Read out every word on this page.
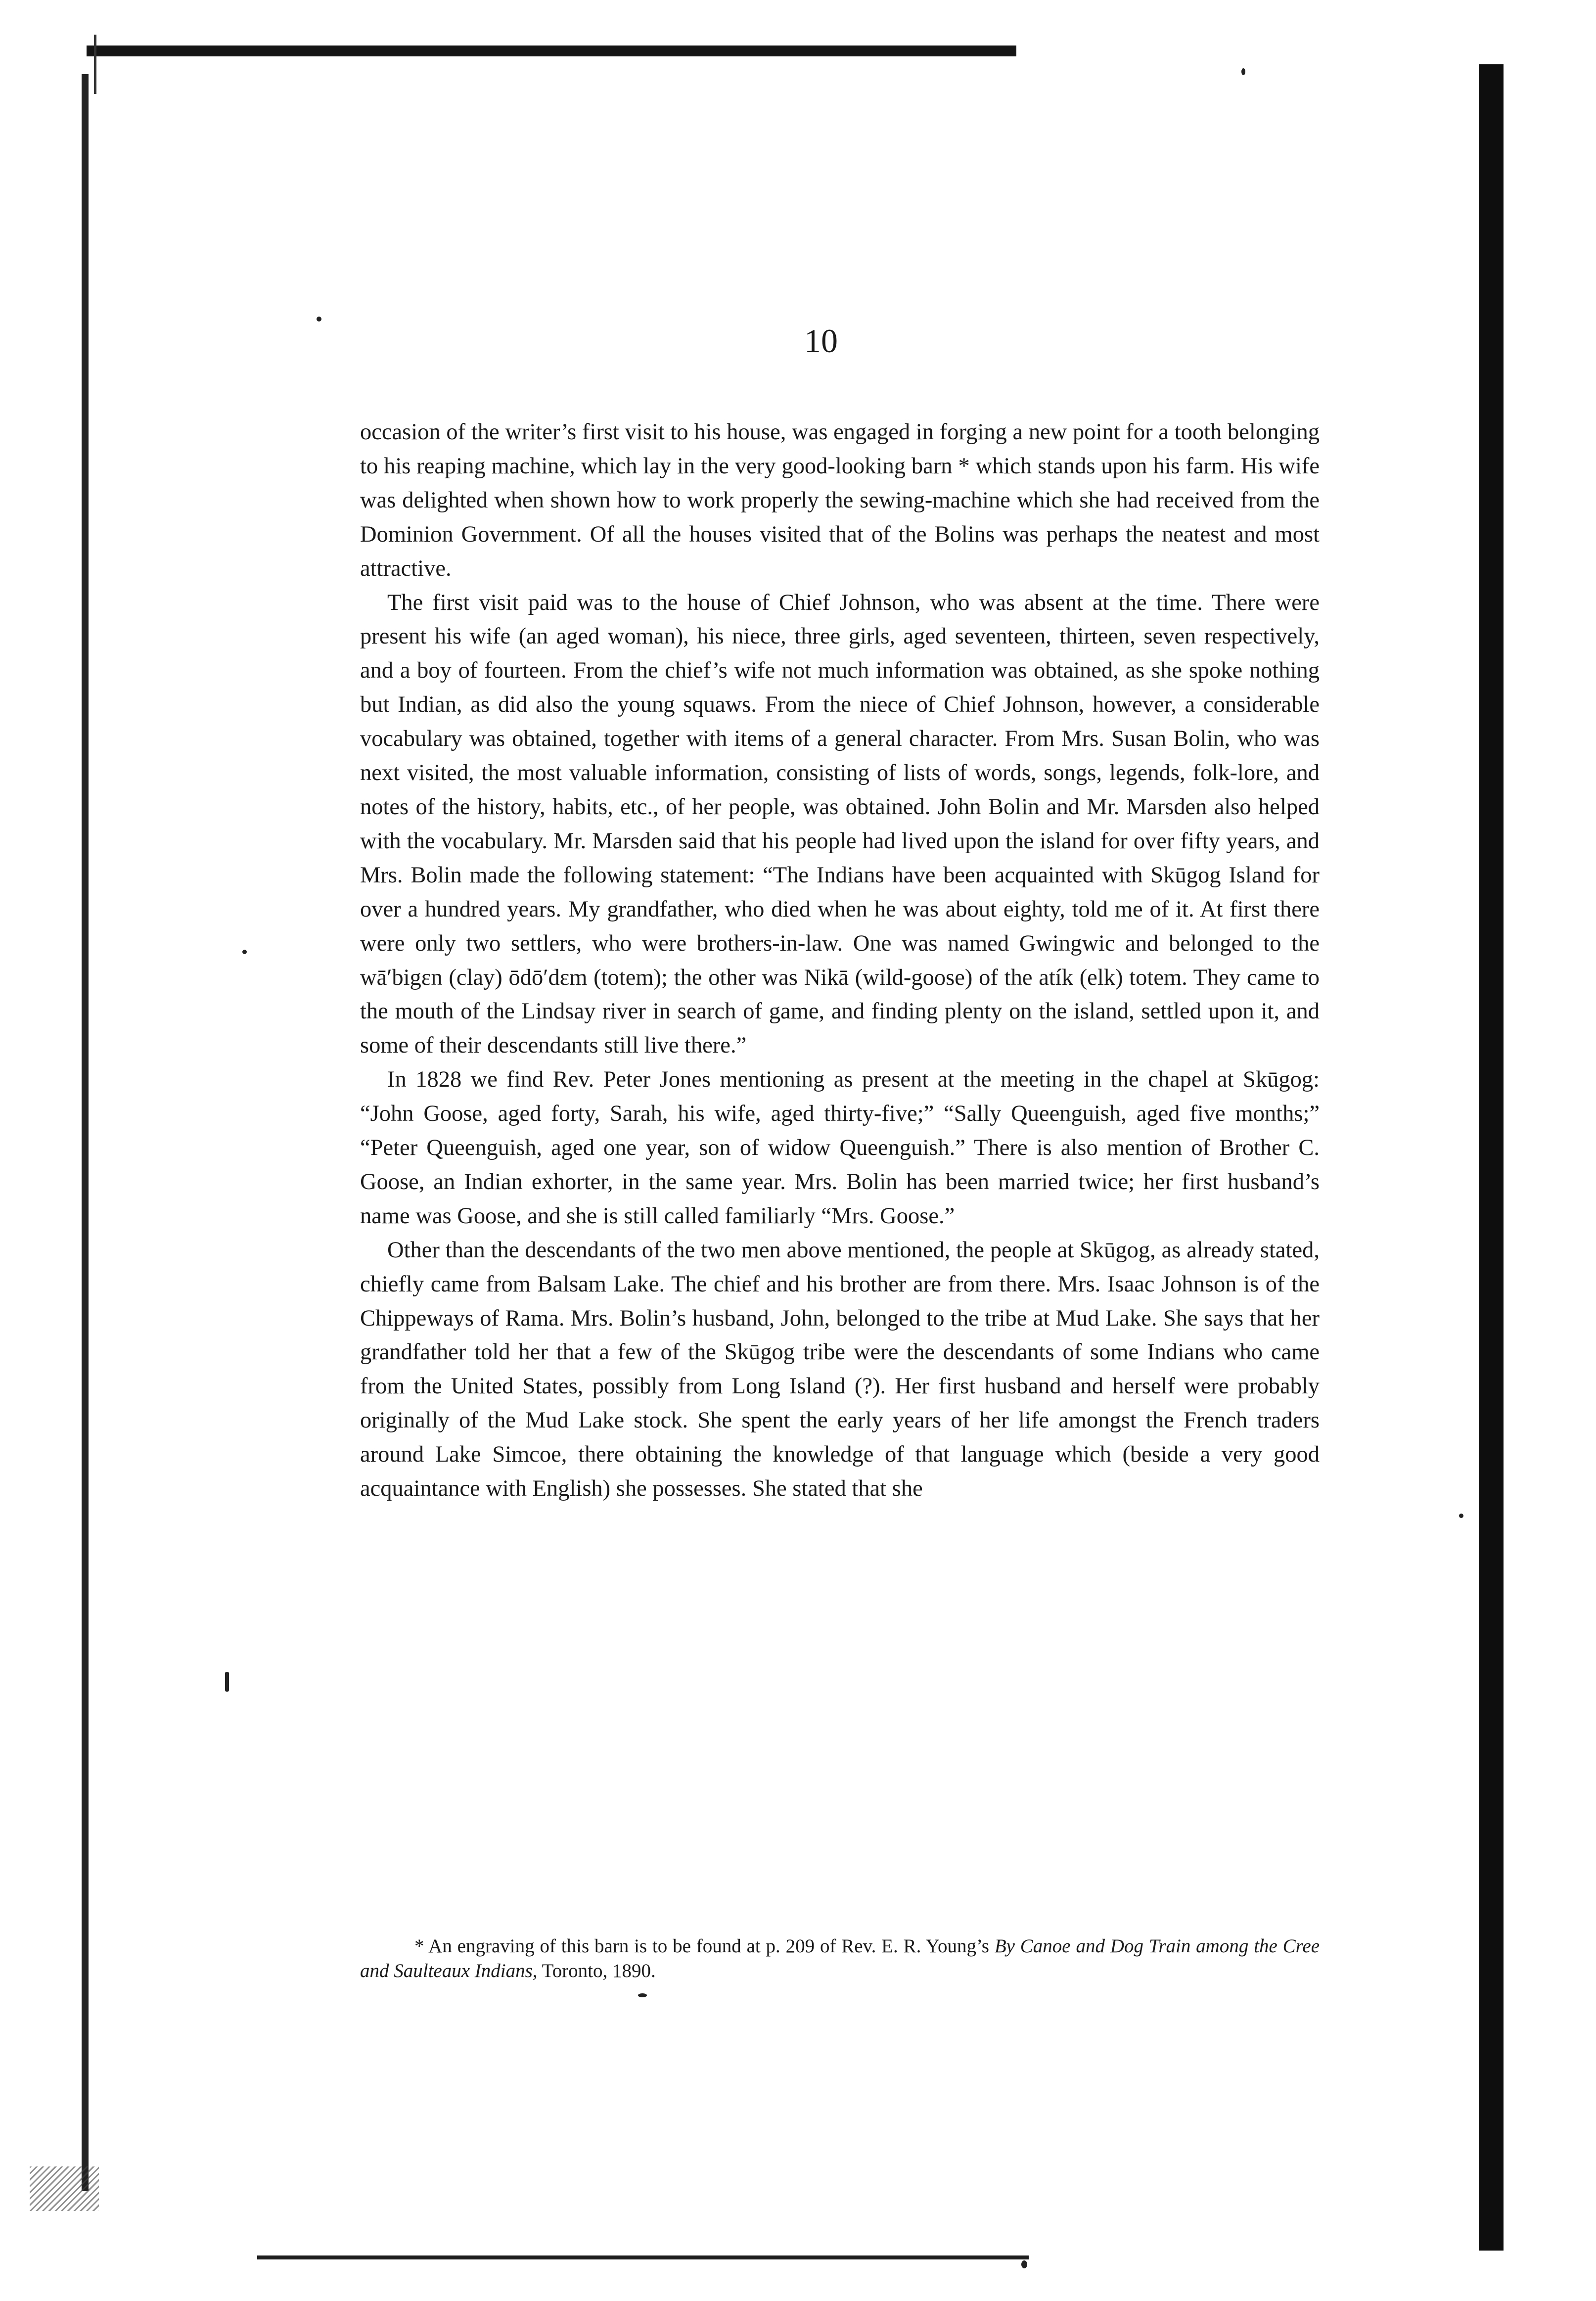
10

occasion of the writer’s first visit to his house, was engaged in forging a new point for a tooth belonging to his reaping machine, which lay in the very good-looking barn * which stands upon his farm. His wife was delighted when shown how to work properly the sewing-machine which she had received from the Dominion Government. Of all the houses visited that of the Bolins was perhaps the neatest and most attractive.

The first visit paid was to the house of Chief Johnson, who was absent at the time. There were present his wife (an aged woman), his niece, three girls, aged seventeen, thirteen, seven respectively, and a boy of fourteen. From the chief’s wife not much information was obtained, as she spoke nothing but Indian, as did also the young squaws. From the niece of Chief Johnson, however, a considerable vocabulary was obtained, together with items of a general character. From Mrs. Susan Bolin, who was next visited, the most valuable information, consisting of lists of words, songs, legends, folk-lore, and notes of the history, habits, etc., of her people, was obtained. John Bolin and Mr. Marsden also helped with the vocabulary. Mr. Marsden said that his people had lived upon the island for over fifty years, and Mrs. Bolin made the following statement: “The Indians have been acquainted with Skūgog Island for over a hundred years. My grandfather, who died when he was about eighty, told me of it. At first there were only two settlers, who were brothers-in-law. One was named Gwingwic and belonged to the wā′bigɛn (clay) ōdō′dɛm (totem); the other was Nikā (wild-goose) of the atík (elk) totem. They came to the mouth of the Lindsay river in search of game, and finding plenty on the island, settled upon it, and some of their descendants still live there.”

In 1828 we find Rev. Peter Jones mentioning as present at the meeting in the chapel at Skūgog: “John Goose, aged forty, Sarah, his wife, aged thirty-five;” “Sally Queenguish, aged five months;” “Peter Queenguish, aged one year, son of widow Queenguish.” There is also mention of Brother C. Goose, an Indian exhorter, in the same year. Mrs. Bolin has been married twice; her first husband’s name was Goose, and she is still called familiarly “Mrs. Goose.”

Other than the descendants of the two men above mentioned, the people at Skūgog, as already stated, chiefly came from Balsam Lake. The chief and his brother are from there. Mrs. Isaac Johnson is of the Chippeways of Rama. Mrs. Bolin’s husband, John, belonged to the tribe at Mud Lake. She says that her grandfather told her that a few of the Skūgog tribe were the descendants of some Indians who came from the United States, possibly from Long Island (?). Her first husband and herself were probably originally of the Mud Lake stock. She spent the early years of her life amongst the French traders around Lake Simcoe, there obtaining the knowledge of that language which (beside a very good acquaintance with English) she possesses. She stated that she

* An engraving of this barn is to be found at p. 209 of Rev. E. R. Young’s By Canoe and Dog Train among the Cree and Saulteaux Indians, Toronto, 1890.
